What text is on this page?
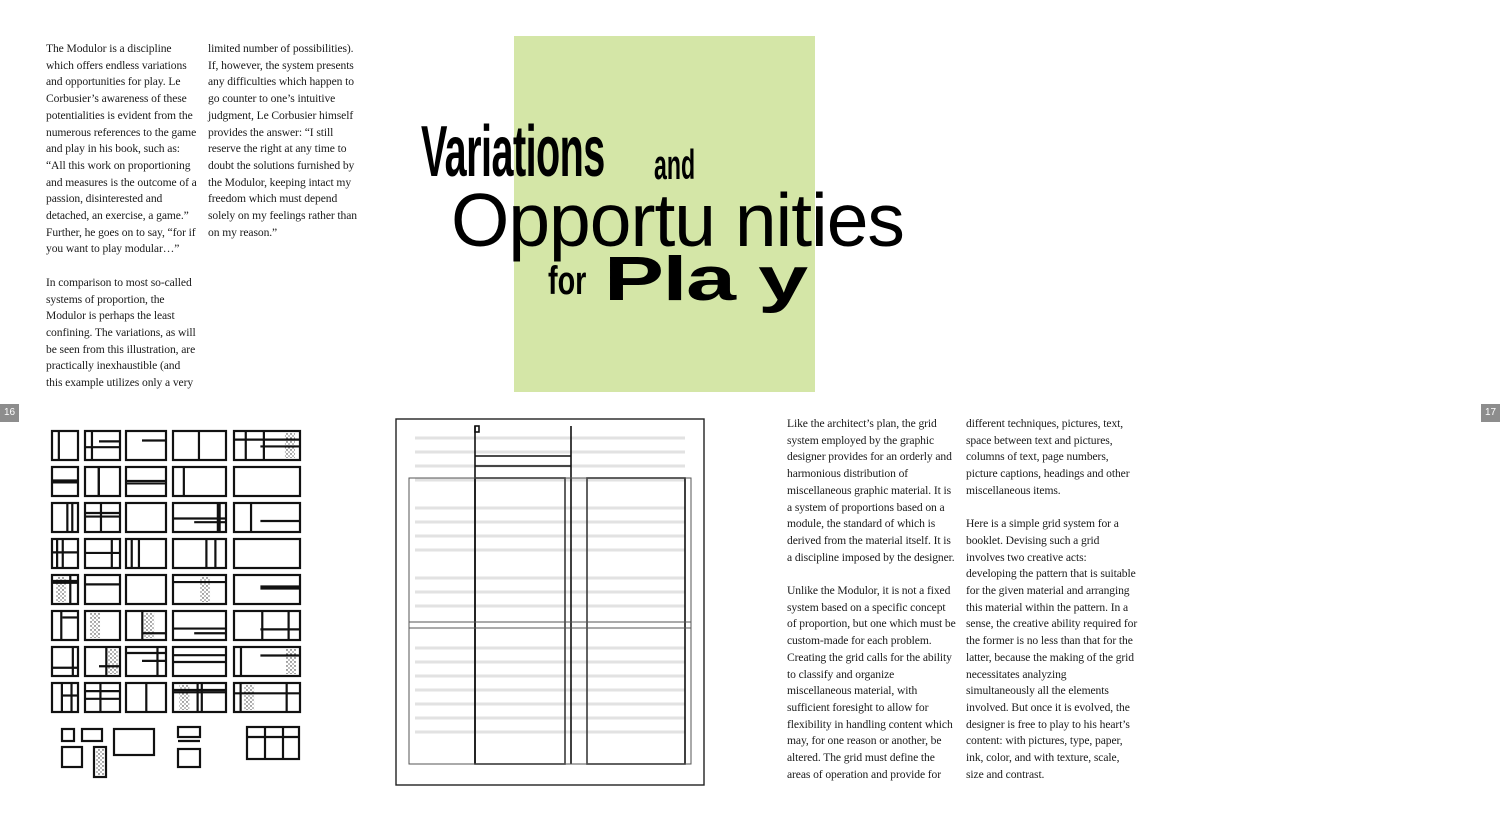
The Modulor is a discipline which offers endless variations and opportunities for play. Le Corbusier’s awareness of these potentialities is evident from the numerous references to the game and play in his book, such as: “All this work on proportioning and measures is the outcome of a passion, disinterested and detached, an exercise, a game.” Further, he goes on to say, “for if you want to play modular…”

In comparison to most so-called systems of proportion, the Modulor is perhaps the least confining. The variations, as will be seen from this illustration, are practically inexhaustible (and this example utilizes only a very

limited number of possibilities). If, however, the system presents any difficulties which happen to go counter to one’s intuitive judgment, Le Corbusier himself provides the answer: “I still reserve the right at any time to doubt the solutions furnished by the Modulor, keeping intact my freedom which must depend solely on my feelings rather than on my reason.”

Variations and
Opportu nities
for Pla y
16	17

Like the architect’s plan, the grid system employed by the graphic designer provides for an orderly and harmonious distribution of miscellaneous graphic material. It is a system of proportions based on a module, the standard of which is derived from the material itself. It is a discipline imposed by the designer.

Unlike the Modulor, it is not a fixed system based on a specific concept of proportion, but one which must be custom-made for each problem. Creating the grid calls for the ability to classify and organize miscellaneous material, with sufficient foresight to allow for flexibility in handling content which may, for one reason or another, be altered. The grid must define the areas of operation and provide for

different techniques, pictures, text, space between text and pictures, columns of text, page numbers, picture captions, headings and other miscellaneous items.

Here is a simple grid system for a booklet. Devising such a grid involves two creative acts: developing the pattern that is suitable for the given material and arranging this material within the pattern. In a sense, the creative ability required for the former is no less than that for the latter, because the making of the grid necessitates analyzing simultaneously all the elements involved. But once it is evolved, the designer is free to play to his heart’s content: with pictures, type, paper, ink, color, and with texture, scale, size and contrast.
